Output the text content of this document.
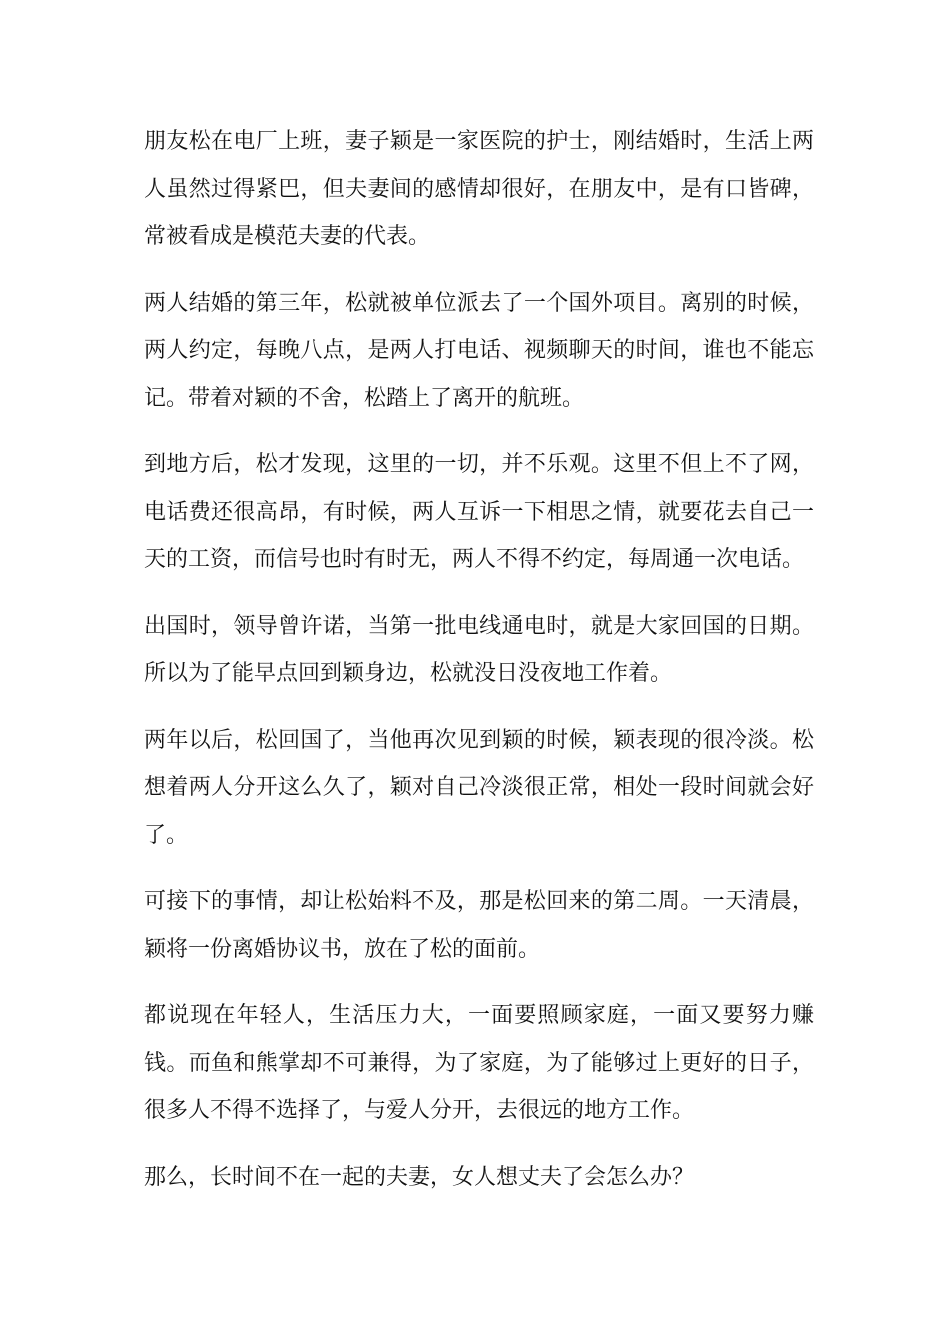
朋友松在电厂上班，妻子颖是一家医院的护士，刚结婚时，生活上两人虽然过得紧巴，但夫妻间的感情却很好，在朋友中，是有口皆碑，常被看成是模范夫妻的代表。

两人结婚的第三年，松就被单位派去了一个国外项目。离别的时候，两人约定，每晚八点，是两人打电话、视频聊天的时间，谁也不能忘记。带着对颖的不舍，松踏上了离开的航班。

到地方后，松才发现，这里的一切，并不乐观。这里不但上不了网，电话费还很高昂，有时候，两人互诉一下相思之情，就要花去自己一天的工资，而信号也时有时无，两人不得不约定，每周通一次电话。

出国时，领导曾许诺，当第一批电线通电时，就是大家回国的日期。所以为了能早点回到颖身边，松就没日没夜地工作着。

两年以后，松回国了，当他再次见到颖的时候，颖表现的很冷淡。松想着两人分开这么久了，颖对自己冷淡很正常，相处一段时间就会好了。

可接下的事情，却让松始料不及，那是松回来的第二周。一天清晨，颖将一份离婚协议书，放在了松的面前。

都说现在年轻人，生活压力大，一面要照顾家庭，一面又要努力赚钱。而鱼和熊掌却不可兼得，为了家庭，为了能够过上更好的日子，很多人不得不选择了，与爱人分开，去很远的地方工作。

那么，长时间不在一起的夫妻，女人想丈夫了会怎么办？
